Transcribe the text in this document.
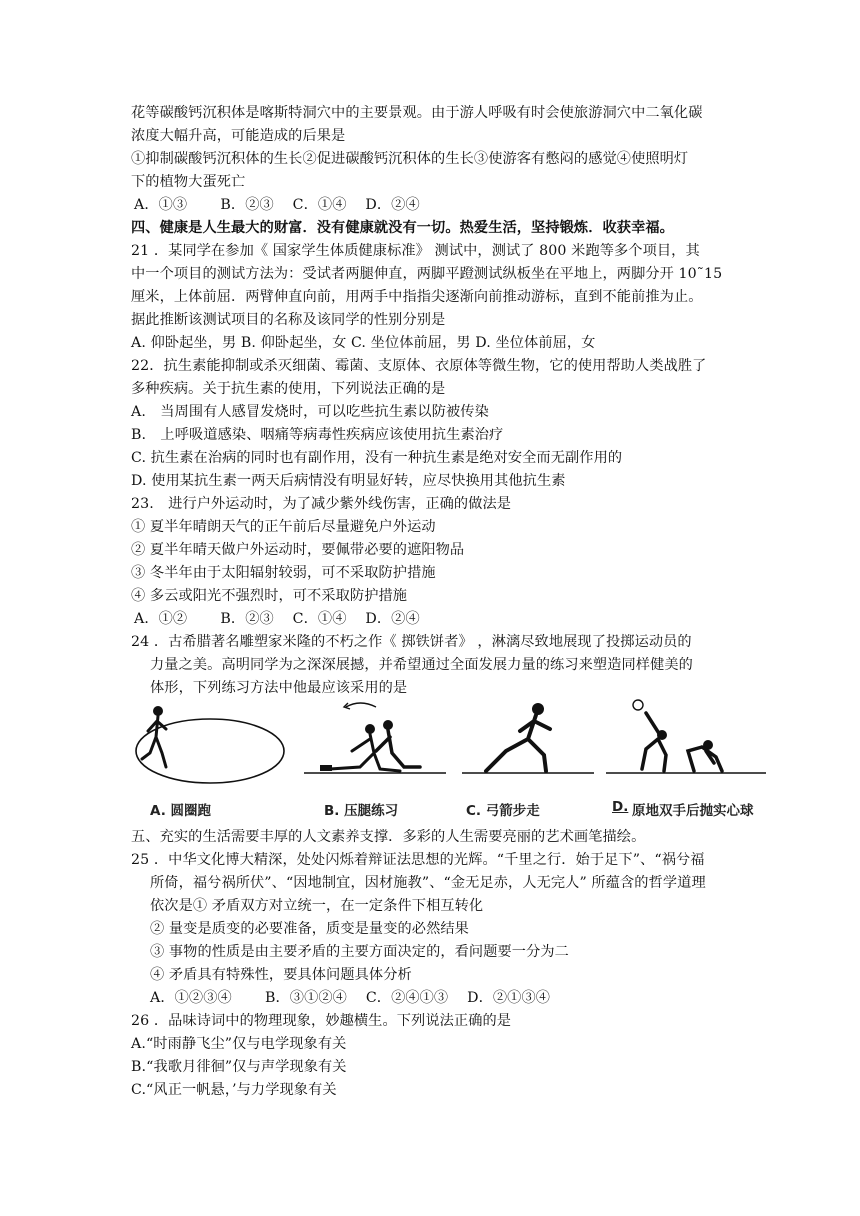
花等碳酸钙沉积体是喀斯特洞穴中的主要景观。由于游人呼吸有时会使旅游洞穴中二氧化碳
浓度大幅升高，可能造成的后果是
①抑制碳酸钙沉积体的生长②促进碳酸钙沉积体的生长③使游客有憋闷的感觉④使照明灯
下的植物大蛋死亡
A．①③　　 B．②③　 C．①④　 D．②④
四、健康是人生最大的财富．没有健康就没有一切。热爱生活，坚持锻炼．收获幸福。
21 ．某同学在参加《 国家学生体质健康标准》 测试中，测试了 800 米跑等多个项目，其
中一个项目的测试方法为：受试者两腿伸直，两脚平蹬测试纵板坐在平地上，两脚分开 10˜15
厘米，上体前屈．两臂伸直向前，用两手中指指尖逐渐向前推动游标，直到不能前推为止。
据此推断该测试项目的名称及该同学的性别分别是
A. 仰卧起坐，男 B. 仰卧起坐，女 C. 坐位体前屈，男 D. 坐位体前屈，女
22．抗生素能抑制或杀灭细菌、霉菌、支原体、衣原体等微生物，它的使用帮助人类战胜了
多种疾病。关于抗生素的使用，下列说法正确的是
A.　当周围有人感冒发烧时，可以吃些抗生素以防被传染
B.　上呼吸道感染、咽痛等病毒性疾病应该使用抗生素治疗
C. 抗生素在治病的同时也有副作用，没有一种抗生素是绝对安全而无副作用的
D. 使用某抗生素一两天后病情没有明显好转，应尽快换用其他抗生素
23.　进行户外运动时，为了减少紫外线伤害，正确的做法是
① 夏半年晴朗天气的正午前后尽量避免户外运动
② 夏半年晴天做户外运动时，要佩带必要的遮阳物品
③ 冬半年由于太阳辐射较弱，可不采取防护措施
④ 多云或阳光不强烈时，可不采取防护措施
A．①②　　 B．②③　 C．①④　 D．②④
24 ．古希腊著名雕塑家米隆的不朽之作《 掷铁饼者》 ，淋漓尽致地展现了投掷运动员的
力量之美。高明同学为之深深展撼，并希望通过全面发展力量的练习来塑造同样健美的
体形，下列练习方法中他最应该采用的是
A. 圆圈跑	B. 压腿练习	C. 弓箭步走	D. 原地双手后抛实心球
五、充实的生活需要丰厚的人文素养支撑．多彩的人生需要亮丽的艺术画笔描绘。
25 ．中华文化博大精深，处处闪烁着辩证法思想的光辉。“千里之行．始于足下”、“祸兮福
所倚，福兮祸所伏”、“因地制宜，因材施教”、“金无足赤，人无完人” 所蕴含的哲学道理
依次是① 矛盾双方对立统一，在一定条件下相互转化
② 量变是质变的必要准备，质变是量变的必然结果
③ 事物的性质是由主要矛盾的主要方面决定的，看问题要一分为二
④ 矛盾具有特殊性，要具体问题具体分析
A．①②③④　　 B．③①②④　 C．②④①③　 D．②①③④
26 ．品味诗词中的物理现象，妙趣横生。下列说法正确的是
A.“时雨静飞尘”仅与电学现象有关
B.“我歌月徘徊”仅与声学现象有关
C.“风正一帆悬，’与力学现象有关
